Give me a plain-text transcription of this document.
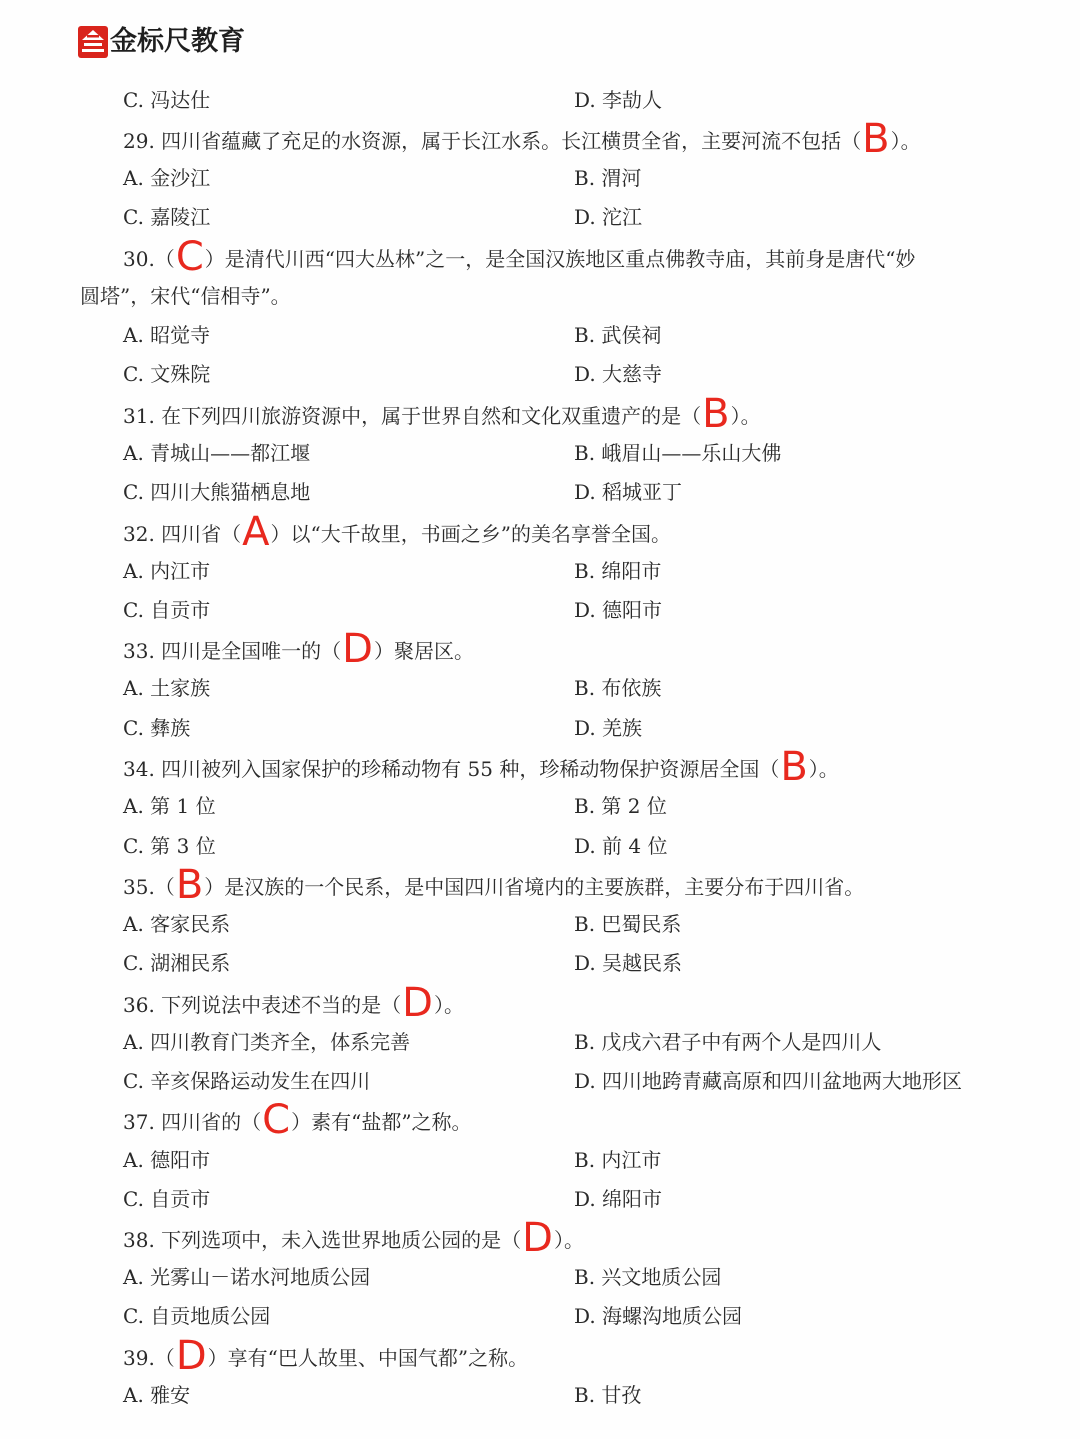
金标尺教育
C. 冯达仕	D. 李劼人
29. 四川省蕴藏了充足的水资源，属于长江水系。长江横贯全省，主要河流不包括（B）。
A. 金沙江	B. 渭河
C. 嘉陵江	D. 沱江
30.（C）是清代川西“四大丛林”之一，是全国汉族地区重点佛教寺庙，其前身是唐代“妙
圆塔”，宋代“信相寺”。
A. 昭觉寺	B. 武侯祠
C. 文殊院	D. 大慈寺
31. 在下列四川旅游资源中，属于世界自然和文化双重遗产的是（B）。
A. 青城山——都江堰	B. 峨眉山——乐山大佛
C. 四川大熊猫栖息地	D. 稻城亚丁
32. 四川省（A）以“大千故里，书画之乡”的美名享誉全国。
A. 内江市	B. 绵阳市
C. 自贡市	D. 德阳市
33. 四川是全国唯一的（D）聚居区。
A. 土家族	B. 布依族
C. 彝族	D. 羌族
34. 四川被列入国家保护的珍稀动物有 55 种，珍稀动物保护资源居全国（B）。
A. 第 1 位	B. 第 2 位
C. 第 3 位	D. 前 4 位
35.（B）是汉族的一个民系，是中国四川省境内的主要族群，主要分布于四川省。
A. 客家民系	B. 巴蜀民系
C. 湖湘民系	D. 吴越民系
36. 下列说法中表述不当的是（D）。
A. 四川教育门类齐全，体系完善	B. 戊戌六君子中有两个人是四川人
C. 辛亥保路运动发生在四川	D. 四川地跨青藏高原和四川盆地两大地形区
37. 四川省的（C）素有“盐都”之称。
A. 德阳市	B. 内江市
C. 自贡市	D. 绵阳市
38. 下列选项中，未入选世界地质公园的是（D）。
A. 光雾山－诺水河地质公园	B. 兴文地质公园
C. 自贡地质公园	D. 海螺沟地质公园
39.（D）享有“巴人故里、中国气都”之称。
A. 雅安	B. 甘孜
